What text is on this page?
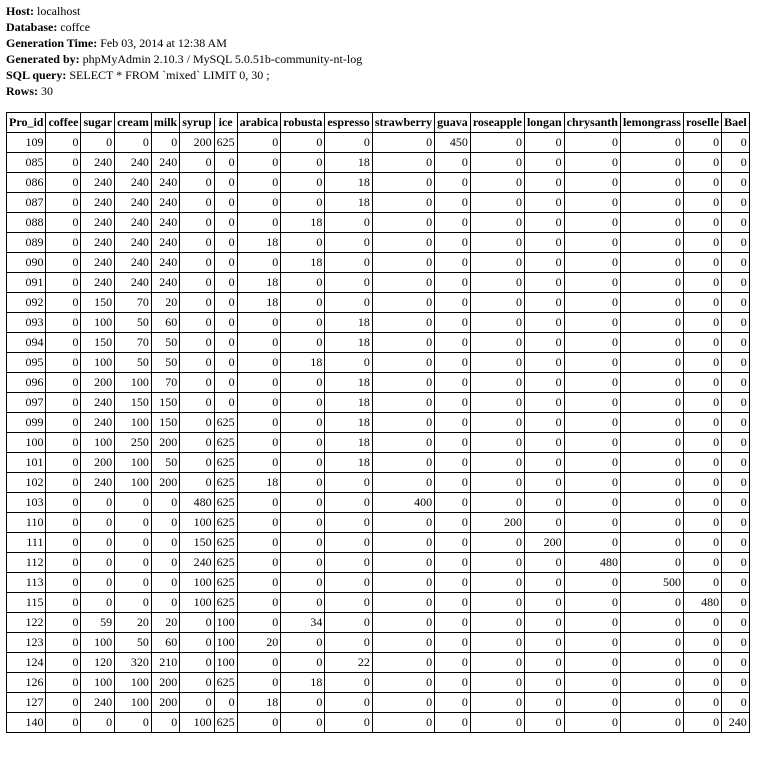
Host: localhost
Database: coffce
Generation Time: Feb 03, 2014 at 12:38 AM
Generated by: phpMyAdmin 2.10.3 / MySQL 5.0.51b-community-nt-log
SQL query: SELECT * FROM `mixed` LIMIT 0, 30 ;
Rows: 30
Pro_id	coffee	sugar	cream	milk	syrup	ice	arabica	robusta	espresso	strawberry	guava	roseapple	longan	chrysanth	lemongrass	roselle	Bael
109	0	0	0	0	200	625	0	0	0	0	450	0	0	0	0	0	0
085	0	240	240	240	0	0	0	0	18	0	0	0	0	0	0	0	0
086	0	240	240	240	0	0	0	0	18	0	0	0	0	0	0	0	0
087	0	240	240	240	0	0	0	0	18	0	0	0	0	0	0	0	0
088	0	240	240	240	0	0	0	18	0	0	0	0	0	0	0	0	0
089	0	240	240	240	0	0	18	0	0	0	0	0	0	0	0	0	0
090	0	240	240	240	0	0	0	18	0	0	0	0	0	0	0	0	0
091	0	240	240	240	0	0	18	0	0	0	0	0	0	0	0	0	0
092	0	150	70	20	0	0	18	0	0	0	0	0	0	0	0	0	0
093	0	100	50	60	0	0	0	0	18	0	0	0	0	0	0	0	0
094	0	150	70	50	0	0	0	0	18	0	0	0	0	0	0	0	0
095	0	100	50	50	0	0	0	18	0	0	0	0	0	0	0	0	0
096	0	200	100	70	0	0	0	0	18	0	0	0	0	0	0	0	0
097	0	240	150	150	0	0	0	0	18	0	0	0	0	0	0	0	0
099	0	240	100	150	0	625	0	0	18	0	0	0	0	0	0	0	0
100	0	100	250	200	0	625	0	0	18	0	0	0	0	0	0	0	0
101	0	200	100	50	0	625	0	0	18	0	0	0	0	0	0	0	0
102	0	240	100	200	0	625	18	0	0	0	0	0	0	0	0	0	0
103	0	0	0	0	480	625	0	0	0	400	0	0	0	0	0	0	0
110	0	0	0	0	100	625	0	0	0	0	0	200	0	0	0	0	0
111	0	0	0	0	150	625	0	0	0	0	0	0	200	0	0	0	0
112	0	0	0	0	240	625	0	0	0	0	0	0	0	480	0	0	0
113	0	0	0	0	100	625	0	0	0	0	0	0	0	0	500	0	0
115	0	0	0	0	100	625	0	0	0	0	0	0	0	0	0	480	0
122	0	59	20	20	0	100	0	34	0	0	0	0	0	0	0	0	0
123	0	100	50	60	0	100	20	0	0	0	0	0	0	0	0	0	0
124	0	120	320	210	0	100	0	0	22	0	0	0	0	0	0	0	0
126	0	100	100	200	0	625	0	18	0	0	0	0	0	0	0	0	0
127	0	240	100	200	0	0	18	0	0	0	0	0	0	0	0	0	0
140	0	0	0	0	100	625	0	0	0	0	0	0	0	0	0	0	240
